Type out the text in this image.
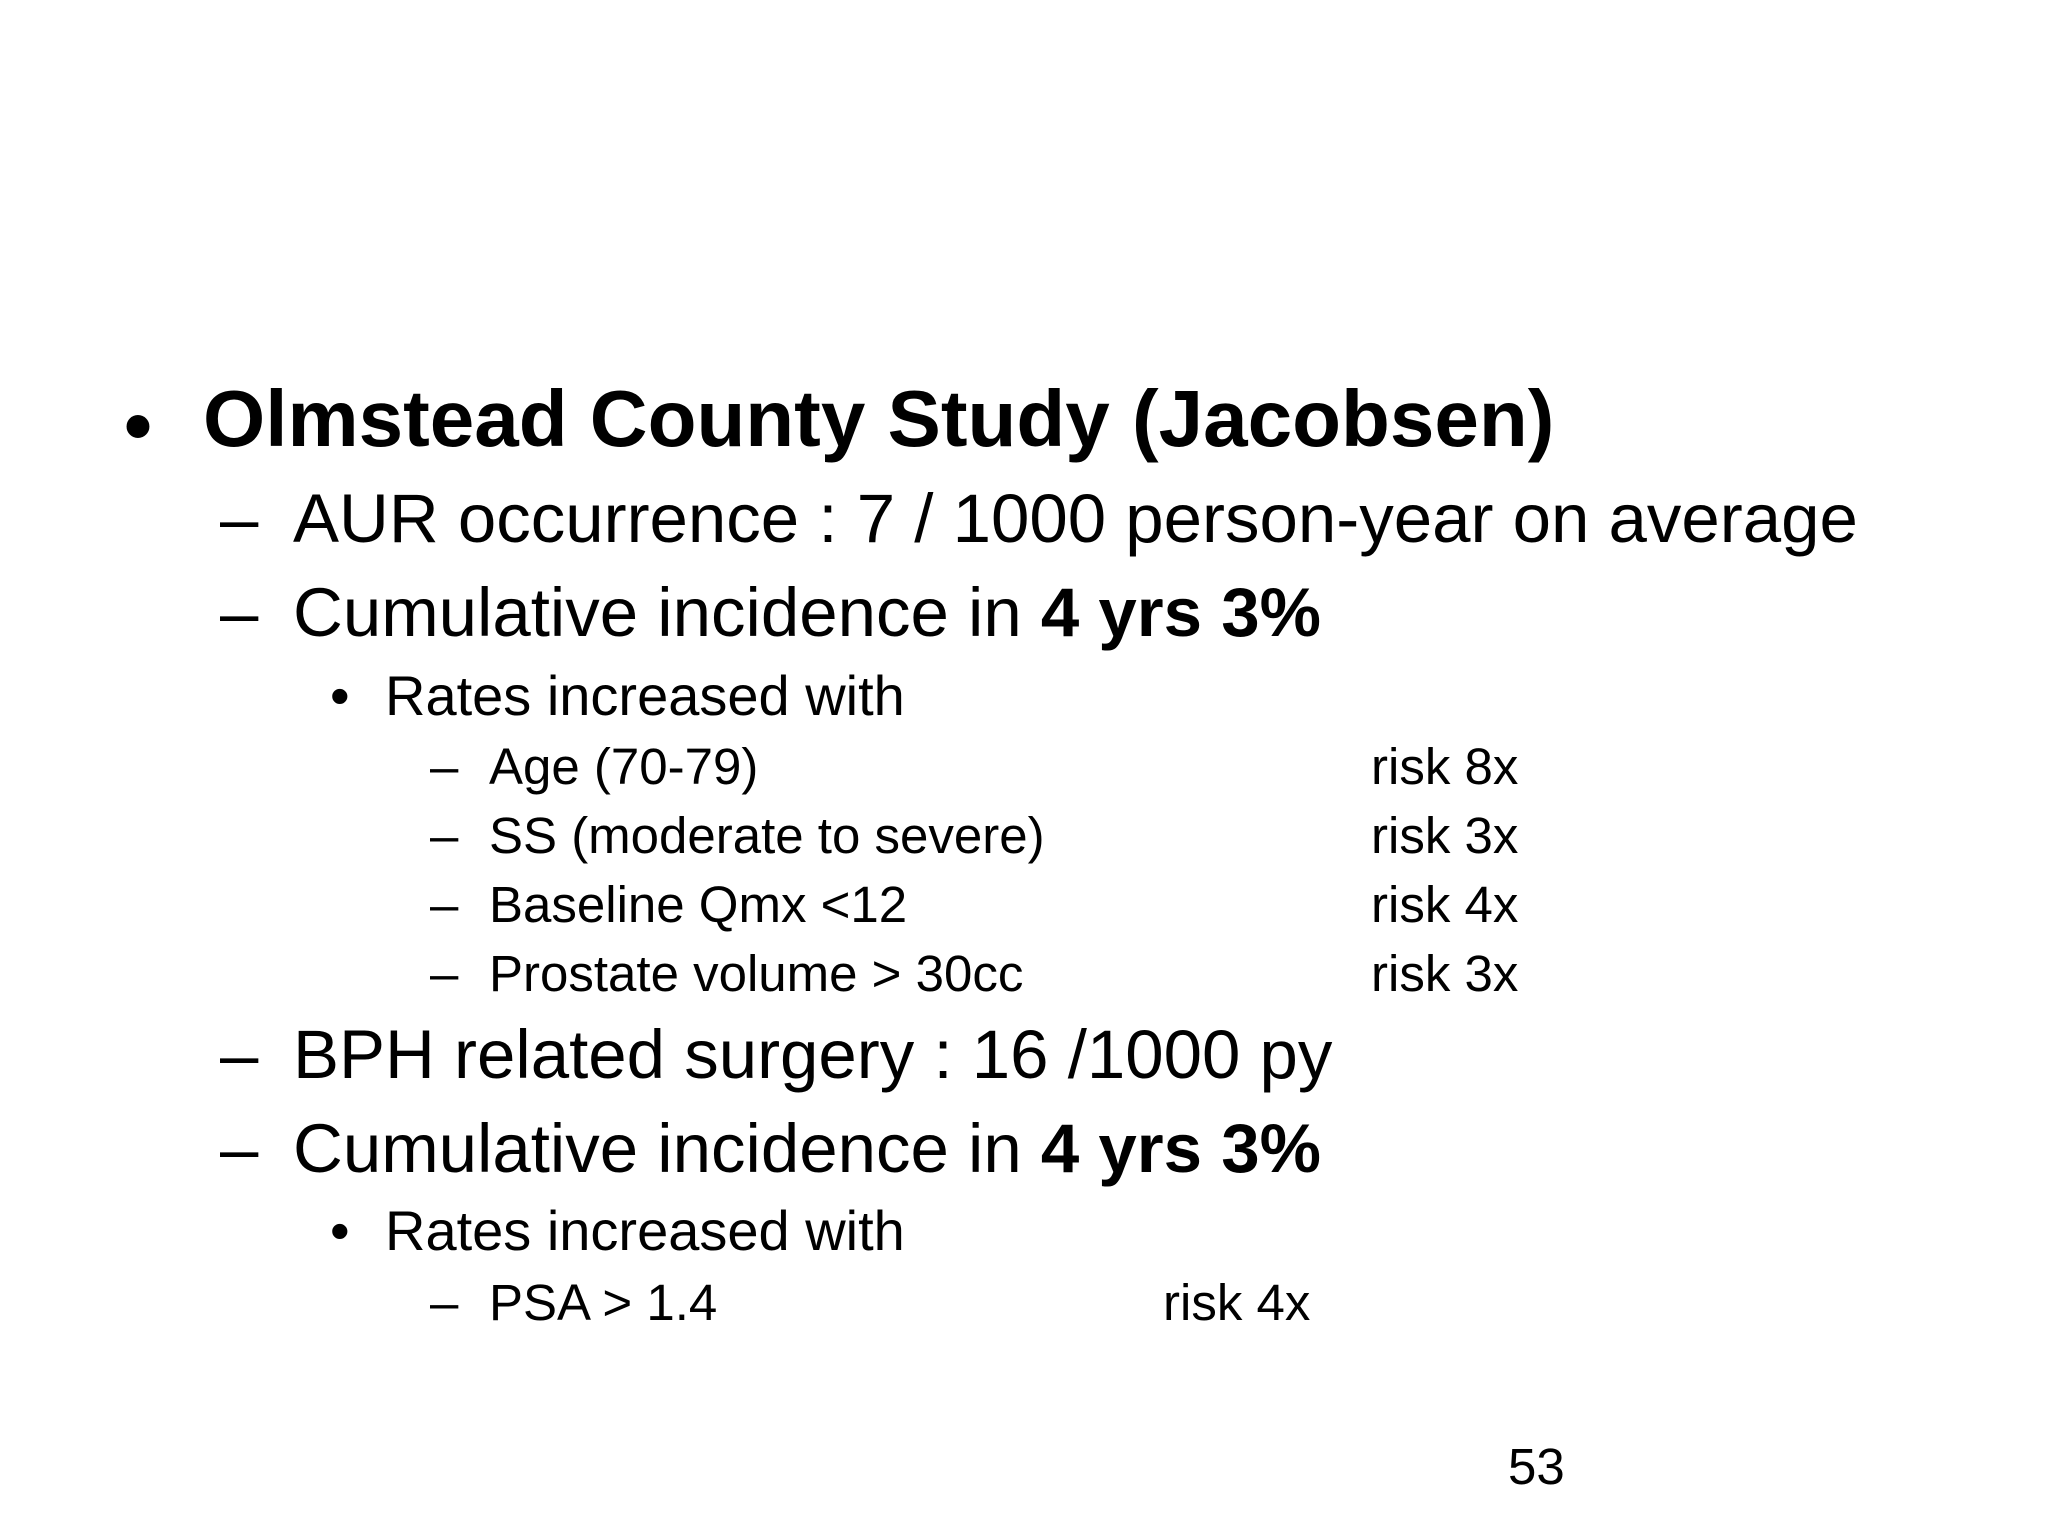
• Olmstead County Study (Jacobsen)
– AUR occurrence : 7 / 1000 person-year on average
– Cumulative incidence in 4 yrs 3%
• Rates increased with
– Age (70-79)	risk 8x
– SS (moderate to severe)	risk 3x
– Baseline Qmx <12	risk 4x
– Prostate volume > 30cc	risk 3x
– BPH related surgery : 16 /1000 py
– Cumulative incidence in 4 yrs 3%
• Rates increased with
– PSA > 1.4	risk 4x
53
